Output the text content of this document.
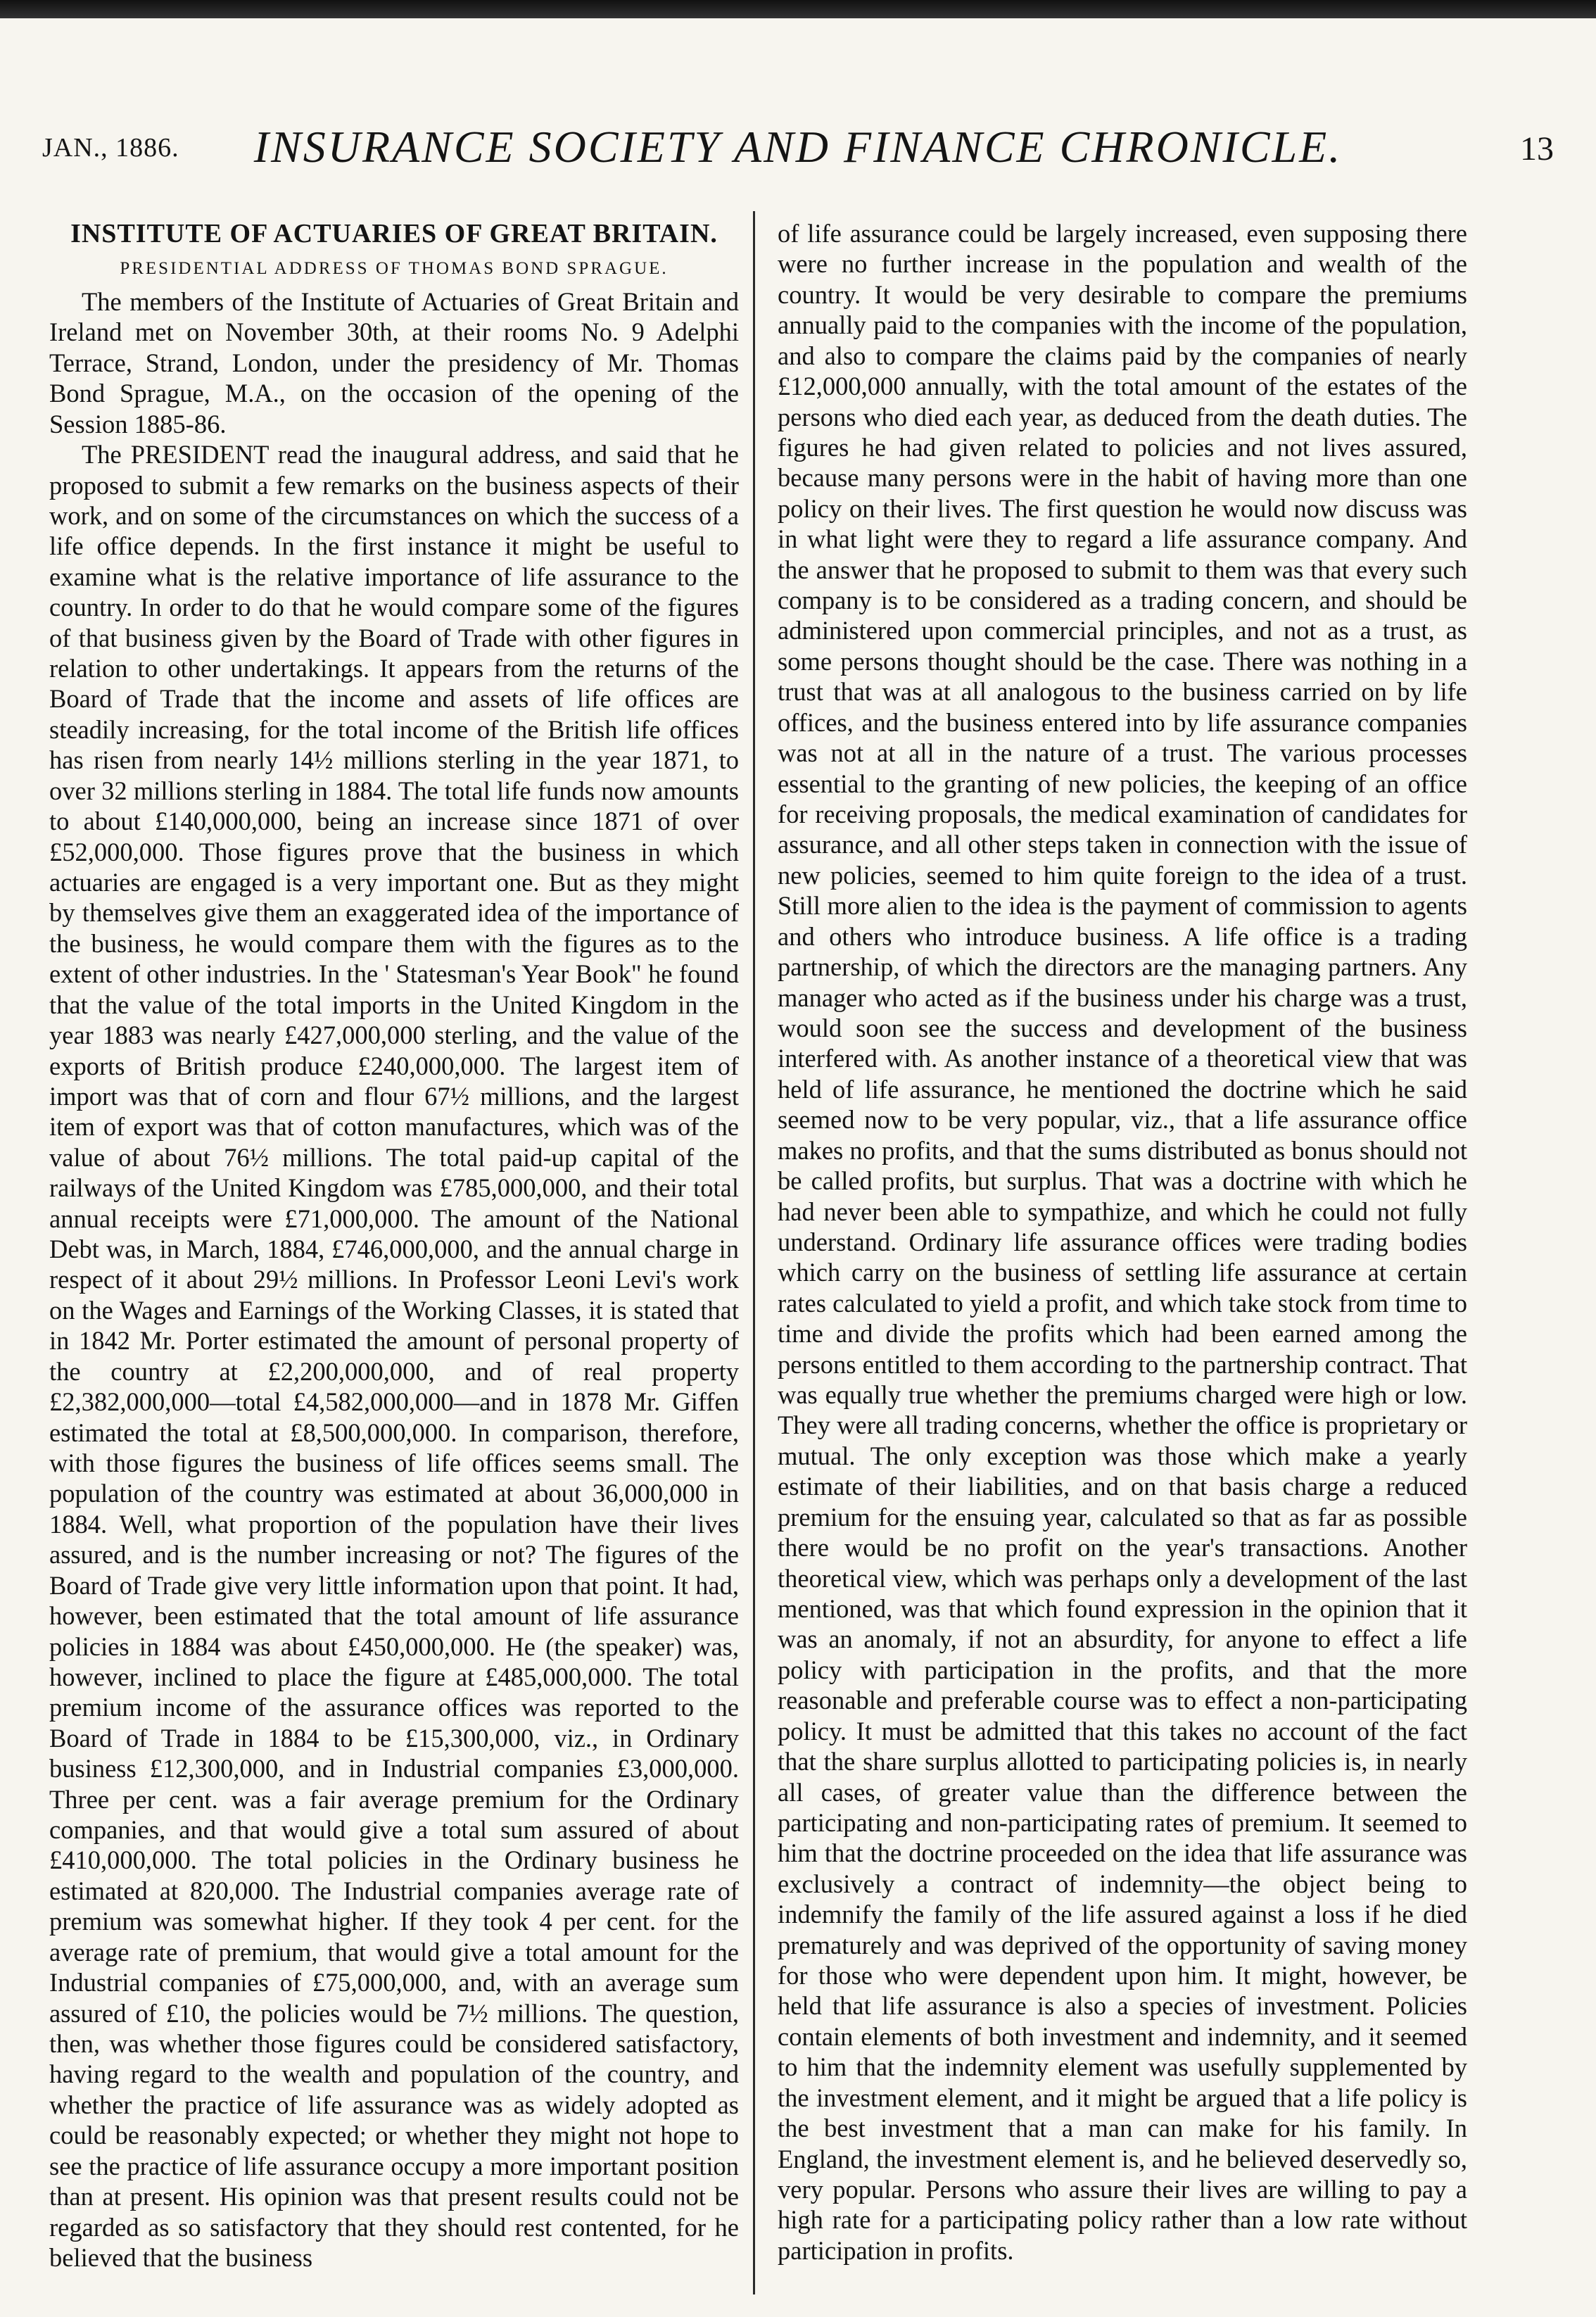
JAN., 1886.	INSURANCE SOCIETY AND FINANCE CHRONICLE.	13
INSTITUTE OF ACTUARIES OF GREAT BRITAIN.
PRESIDENTIAL ADDRESS OF THOMAS BOND SPRAGUE.

The members of the Institute of Actuaries of Great Britain and Ireland met on November 30th, at their rooms No. 9 Adelphi Terrace, Strand, London, under the presidency of Mr. Thomas Bond Sprague, M.A., on the occasion of the opening of the Session 1885-86.

The PRESIDENT read the inaugural address, and said that he proposed to submit a few remarks on the business aspects of their work, and on some of the circumstances on which the success of a life office depends. In the first instance it might be useful to examine what is the relative importance of life assurance to the country. In order to do that he would compare some of the figures of that business given by the Board of Trade with other figures in relation to other undertakings. It appears from the returns of the Board of Trade that the income and assets of life offices are steadily increasing, for the total income of the British life offices has risen from nearly 14½ millions sterling in the year 1871, to over 32 millions sterling in 1884. The total life funds now amounts to about £140,000,000, being an increase since 1871 of over £52,000,000. Those figures prove that the business in which actuaries are engaged is a very important one. But as they might by themselves give them an exaggerated idea of the importance of the business, he would compare them with the figures as to the extent of other industries. In the ' Statesman's Year Book" he found that the value of the total imports in the United Kingdom in the year 1883 was nearly £427,000,000 sterling, and the value of the exports of British produce £240,000,000. The largest item of import was that of corn and flour 67½ millions, and the largest item of export was that of cotton manufactures, which was of the value of about 76½ millions. The total paid-up capital of the railways of the United Kingdom was £785,000,000, and their total annual receipts were £71,000,000. The amount of the National Debt was, in March, 1884, £746,000,000, and the annual charge in respect of it about 29½ millions. In Professor Leoni Levi's work on the Wages and Earnings of the Working Classes, it is stated that in 1842 Mr. Porter estimated the amount of personal property of the country at £2,200,000,000, and of real property £2,382,000,000—total £4,582,000,000—and in 1878 Mr. Giffen estimated the total at £8,500,000,000. In comparison, therefore, with those figures the business of life offices seems small. The population of the country was estimated at about 36,000,000 in 1884. Well, what proportion of the population have their lives assured, and is the number increasing or not? The figures of the Board of Trade give very little information upon that point. It had, however, been estimated that the total amount of life assurance policies in 1884 was about £450,000,000. He (the speaker) was, however, inclined to place the figure at £485,000,000. The total premium income of the assurance offices was reported to the Board of Trade in 1884 to be £15,300,000, viz., in Ordinary business £12,300,000, and in Industrial companies £3,000,000. Three per cent. was a fair average premium for the Ordinary companies, and that would give a total sum assured of about £410,000,000. The total policies in the Ordinary business he estimated at 820,000. The Industrial companies average rate of premium was somewhat higher. If they took 4 per cent. for the average rate of premium, that would give a total amount for the Industrial companies of £75,000,000, and, with an average sum assured of £10, the policies would be 7½ millions. The question, then, was whether those figures could be considered satisfactory, having regard to the wealth and population of the country, and whether the practice of life assurance was as widely adopted as could be reasonably expected; or whether they might not hope to see the practice of life assurance occupy a more important position than at present. His opinion was that present results could not be regarded as so satisfactory that they should rest contented, for he believed that the business

of life assurance could be largely increased, even supposing there were no further increase in the population and wealth of the country. It would be very desirable to compare the premiums annually paid to the companies with the income of the population, and also to compare the claims paid by the companies of nearly £12,000,000 annually, with the total amount of the estates of the persons who died each year, as deduced from the death duties. The figures he had given related to policies and not lives assured, because many persons were in the habit of having more than one policy on their lives. The first question he would now discuss was in what light were they to regard a life assurance company. And the answer that he proposed to submit to them was that every such company is to be considered as a trading concern, and should be administered upon commercial principles, and not as a trust, as some persons thought should be the case. There was nothing in a trust that was at all analogous to the business carried on by life offices, and the business entered into by life assurance companies was not at all in the nature of a trust. The various processes essential to the granting of new policies, the keeping of an office for receiving proposals, the medical examination of candidates for assurance, and all other steps taken in connection with the issue of new policies, seemed to him quite foreign to the idea of a trust. Still more alien to the idea is the payment of commission to agents and others who introduce business. A life office is a trading partnership, of which the directors are the managing partners. Any manager who acted as if the business under his charge was a trust, would soon see the success and development of the business interfered with. As another instance of a theoretical view that was held of life assurance, he mentioned the doctrine which he said seemed now to be very popular, viz., that a life assurance office makes no profits, and that the sums distributed as bonus should not be called profits, but surplus. That was a doctrine with which he had never been able to sympathize, and which he could not fully understand. Ordinary life assurance offices were trading bodies which carry on the business of settling life assurance at certain rates calculated to yield a profit, and which take stock from time to time and divide the profits which had been earned among the persons entitled to them according to the partnership contract. That was equally true whether the premiums charged were high or low. They were all trading concerns, whether the office is proprietary or mutual. The only exception was those which make a yearly estimate of their liabilities, and on that basis charge a reduced premium for the ensuing year, calculated so that as far as possible there would be no profit on the year's transactions. Another theoretical view, which was perhaps only a development of the last mentioned, was that which found expression in the opinion that it was an anomaly, if not an absurdity, for anyone to effect a life policy with participation in the profits, and that the more reasonable and preferable course was to effect a non-participating policy. It must be admitted that this takes no account of the fact that the share surplus allotted to participating policies is, in nearly all cases, of greater value than the difference between the participating and non-participating rates of premium. It seemed to him that the doctrine proceeded on the idea that life assurance was exclusively a contract of indemnity—the object being to indemnify the family of the life assured against a loss if he died prematurely and was deprived of the opportunity of saving money for those who were dependent upon him. It might, however, be held that life assurance is also a species of investment. Policies contain elements of both investment and indemnity, and it seemed to him that the indemnity element was usefully supplemented by the investment element, and it might be argued that a life policy is the best investment that a man can make for his family. In England, the investment element is, and he believed deservedly so, very popular. Persons who assure their lives are willing to pay a high rate for a participating policy rather than a low rate without participation in profits.
